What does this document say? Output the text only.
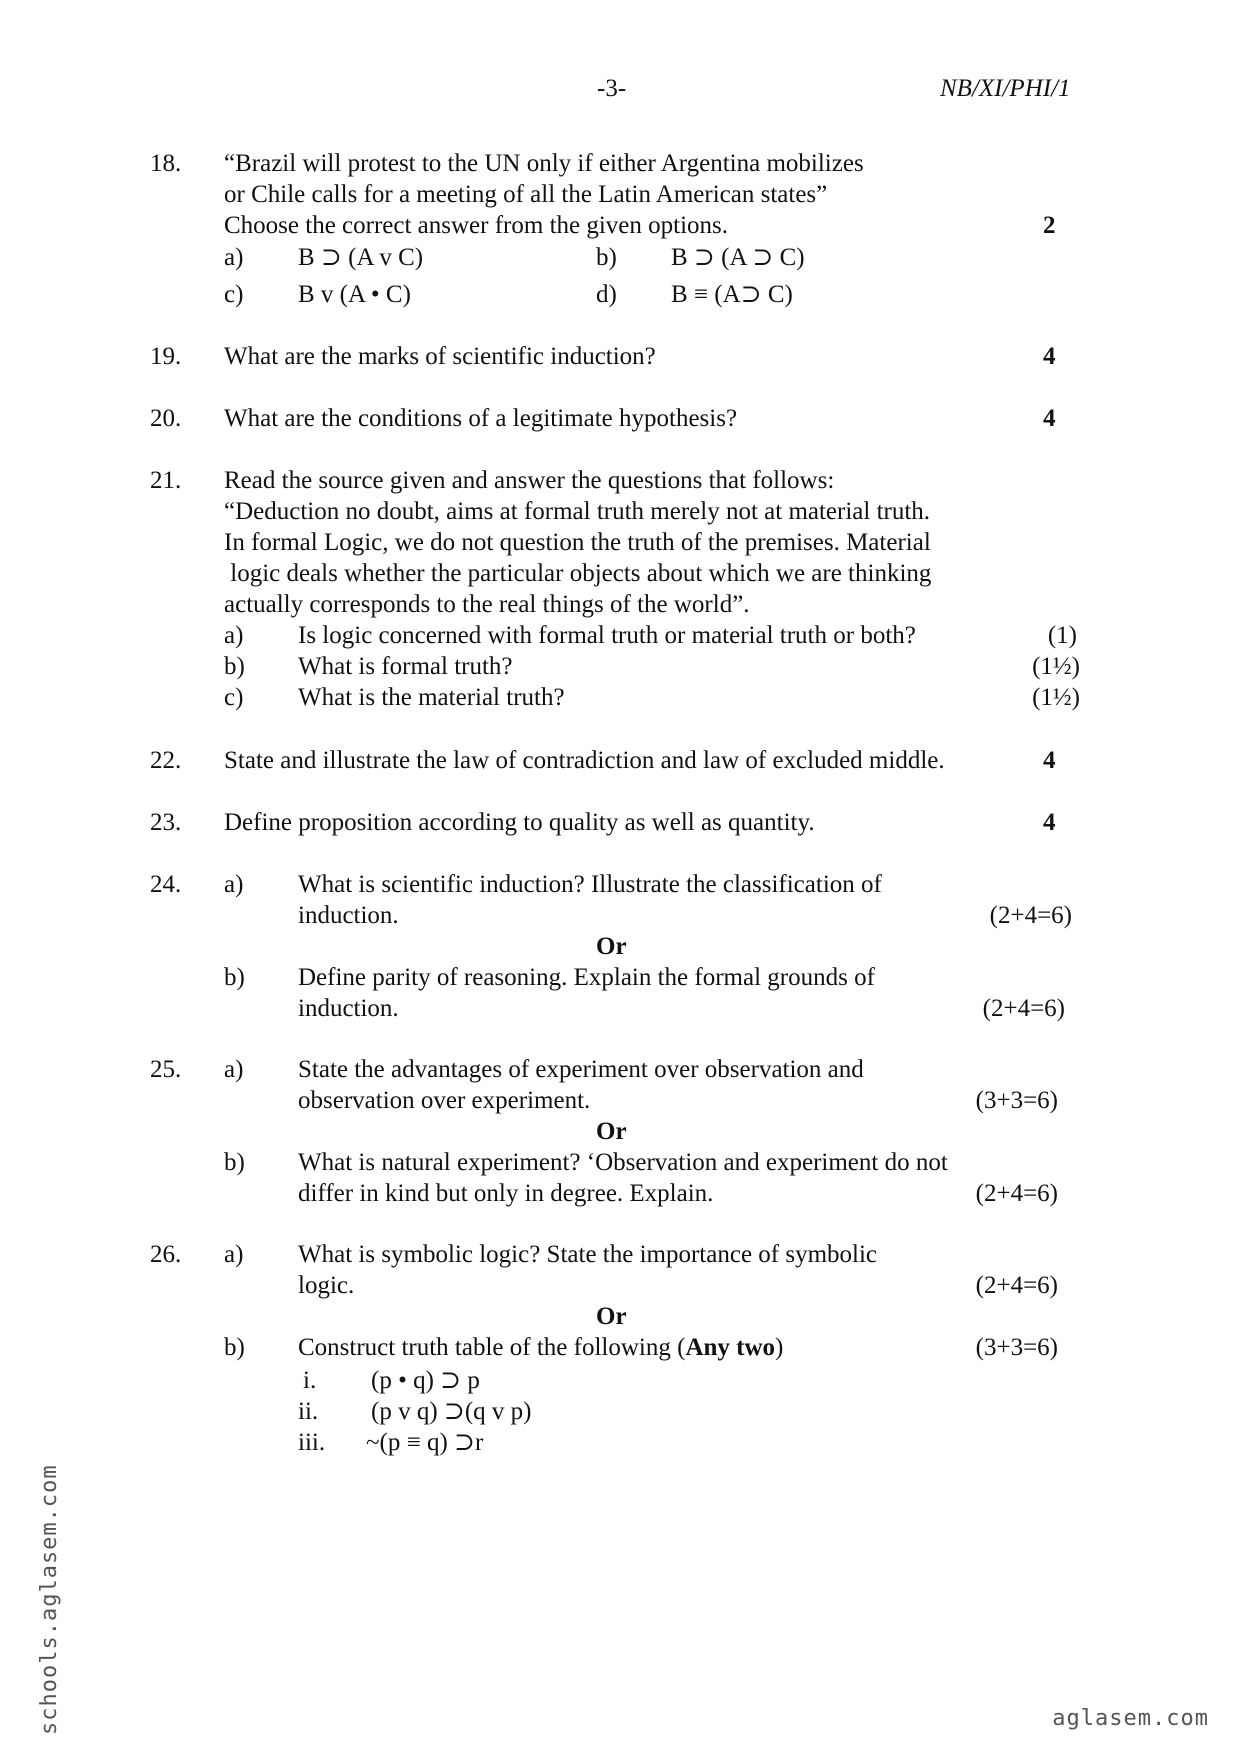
-3-	NB/XI/PHI/1
18. “Brazil will protest to the UN only if either Argentina mobilizes
or Chile calls for a meeting of all the Latin American states”
Choose the correct answer from the given options.	2
a) B ⊃ (A v C)	b) B ⊃ (A ⊃ C)
c) B v (A • C)	d) B ≡ (A⊃ C)
19. What are the marks of scientific induction?	4
20. What are the conditions of a legitimate hypothesis?	4
21. Read the source given and answer the questions that follows:
“Deduction no doubt, aims at formal truth merely not at material truth.
In formal Logic, we do not question the truth of the premises. Material
logic deals whether the particular objects about which we are thinking
actually corresponds to the real things of the world”.
a) Is logic concerned with formal truth or material truth or both?	(1)
b) What is formal truth?	(1½)
c) What is the material truth?	(1½)
22. State and illustrate the law of contradiction and law of excluded middle.	4
23. Define proposition according to quality as well as quantity.	4
24. a) What is scientific induction? Illustrate the classification of
induction.	(2+4=6)
Or
b) Define parity of reasoning. Explain the formal grounds of
induction.	(2+4=6)
25. a) State the advantages of experiment over observation and
observation over experiment.	(3+3=6)
Or
b) What is natural experiment? ‘Observation and experiment do not
differ in kind but only in degree. Explain.	(2+4=6)
26. a) What is symbolic logic? State the importance of symbolic
logic.	(2+4=6)
Or
b) Construct truth table of the following (Any two)	(3+3=6)
i. (p • q) ⊃ p
ii. (p v q) ⊃(q v p)
iii. ~(p ≡ q) ⊃r
schools.aglasem.com	aglasem.com
